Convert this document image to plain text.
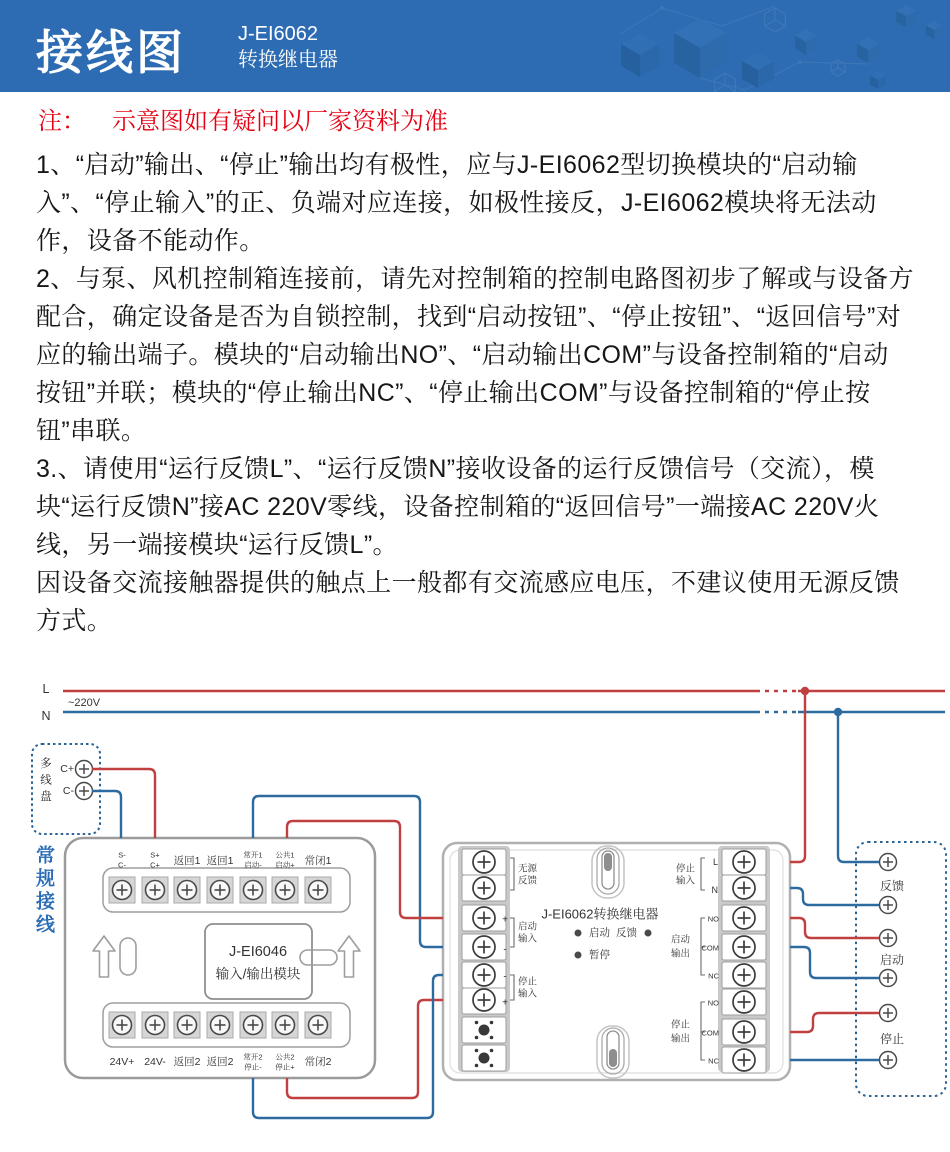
接线图	J-EI6062
转换继电器
注： 示意图如有疑问以厂家资料为准

1、“启动”输出、“停止”输出均有极性，应与J-EI6062型切换模块的“启动输入”、“停止输入”的正、负端对应连接，如极性接反，J-EI6062模块将无法动作，设备不能动作。

2、与泵、风机控制箱连接前，请先对控制箱的控制电路图初步了解或与设备方配合，确定设备是否为自锁控制，找到“启动按钮”、“停止按钮”、“返回信号”对应的输出端子。模块的“启动输出NO”、“启动输出COM”与设备控制箱的“启动按钮”并联；模块的“停止输出NC”、“停止输出COM”与设备控制箱的“停止按钮”串联。

3.、请使用“运行反馈L”、“运行反馈N”接收设备的运行反馈信号（交流），模块“运行反馈N”接AC 220V零线，设备控制箱的“返回信号”一端接AC 220V火线，另一端接模块“运行反馈L”。

因设备交流接触器提供的触点上一般都有交流感应电压，不建议使用无源反馈方式。

多线盘
常规接线
L
N
~220V
C+
C-
S-
C-
S+
C+ 返回1 返回1 常开1
启动-
公共1
启动+ 常闭1
24V+ 24V- 返回2 返回2 常开2
停止-
公共2
停止+ 常闭2
J-EI6046
输入/输出模块
无源
反馈
+
-
启动
输入
-
+
停止
输入
J-EI6062转换继电器
启动 反馈
暂停
停止
输入
L
N
启动
输出
NO
COM
NC
停止
输出
NO
COM
NC
反馈
启动
停止
